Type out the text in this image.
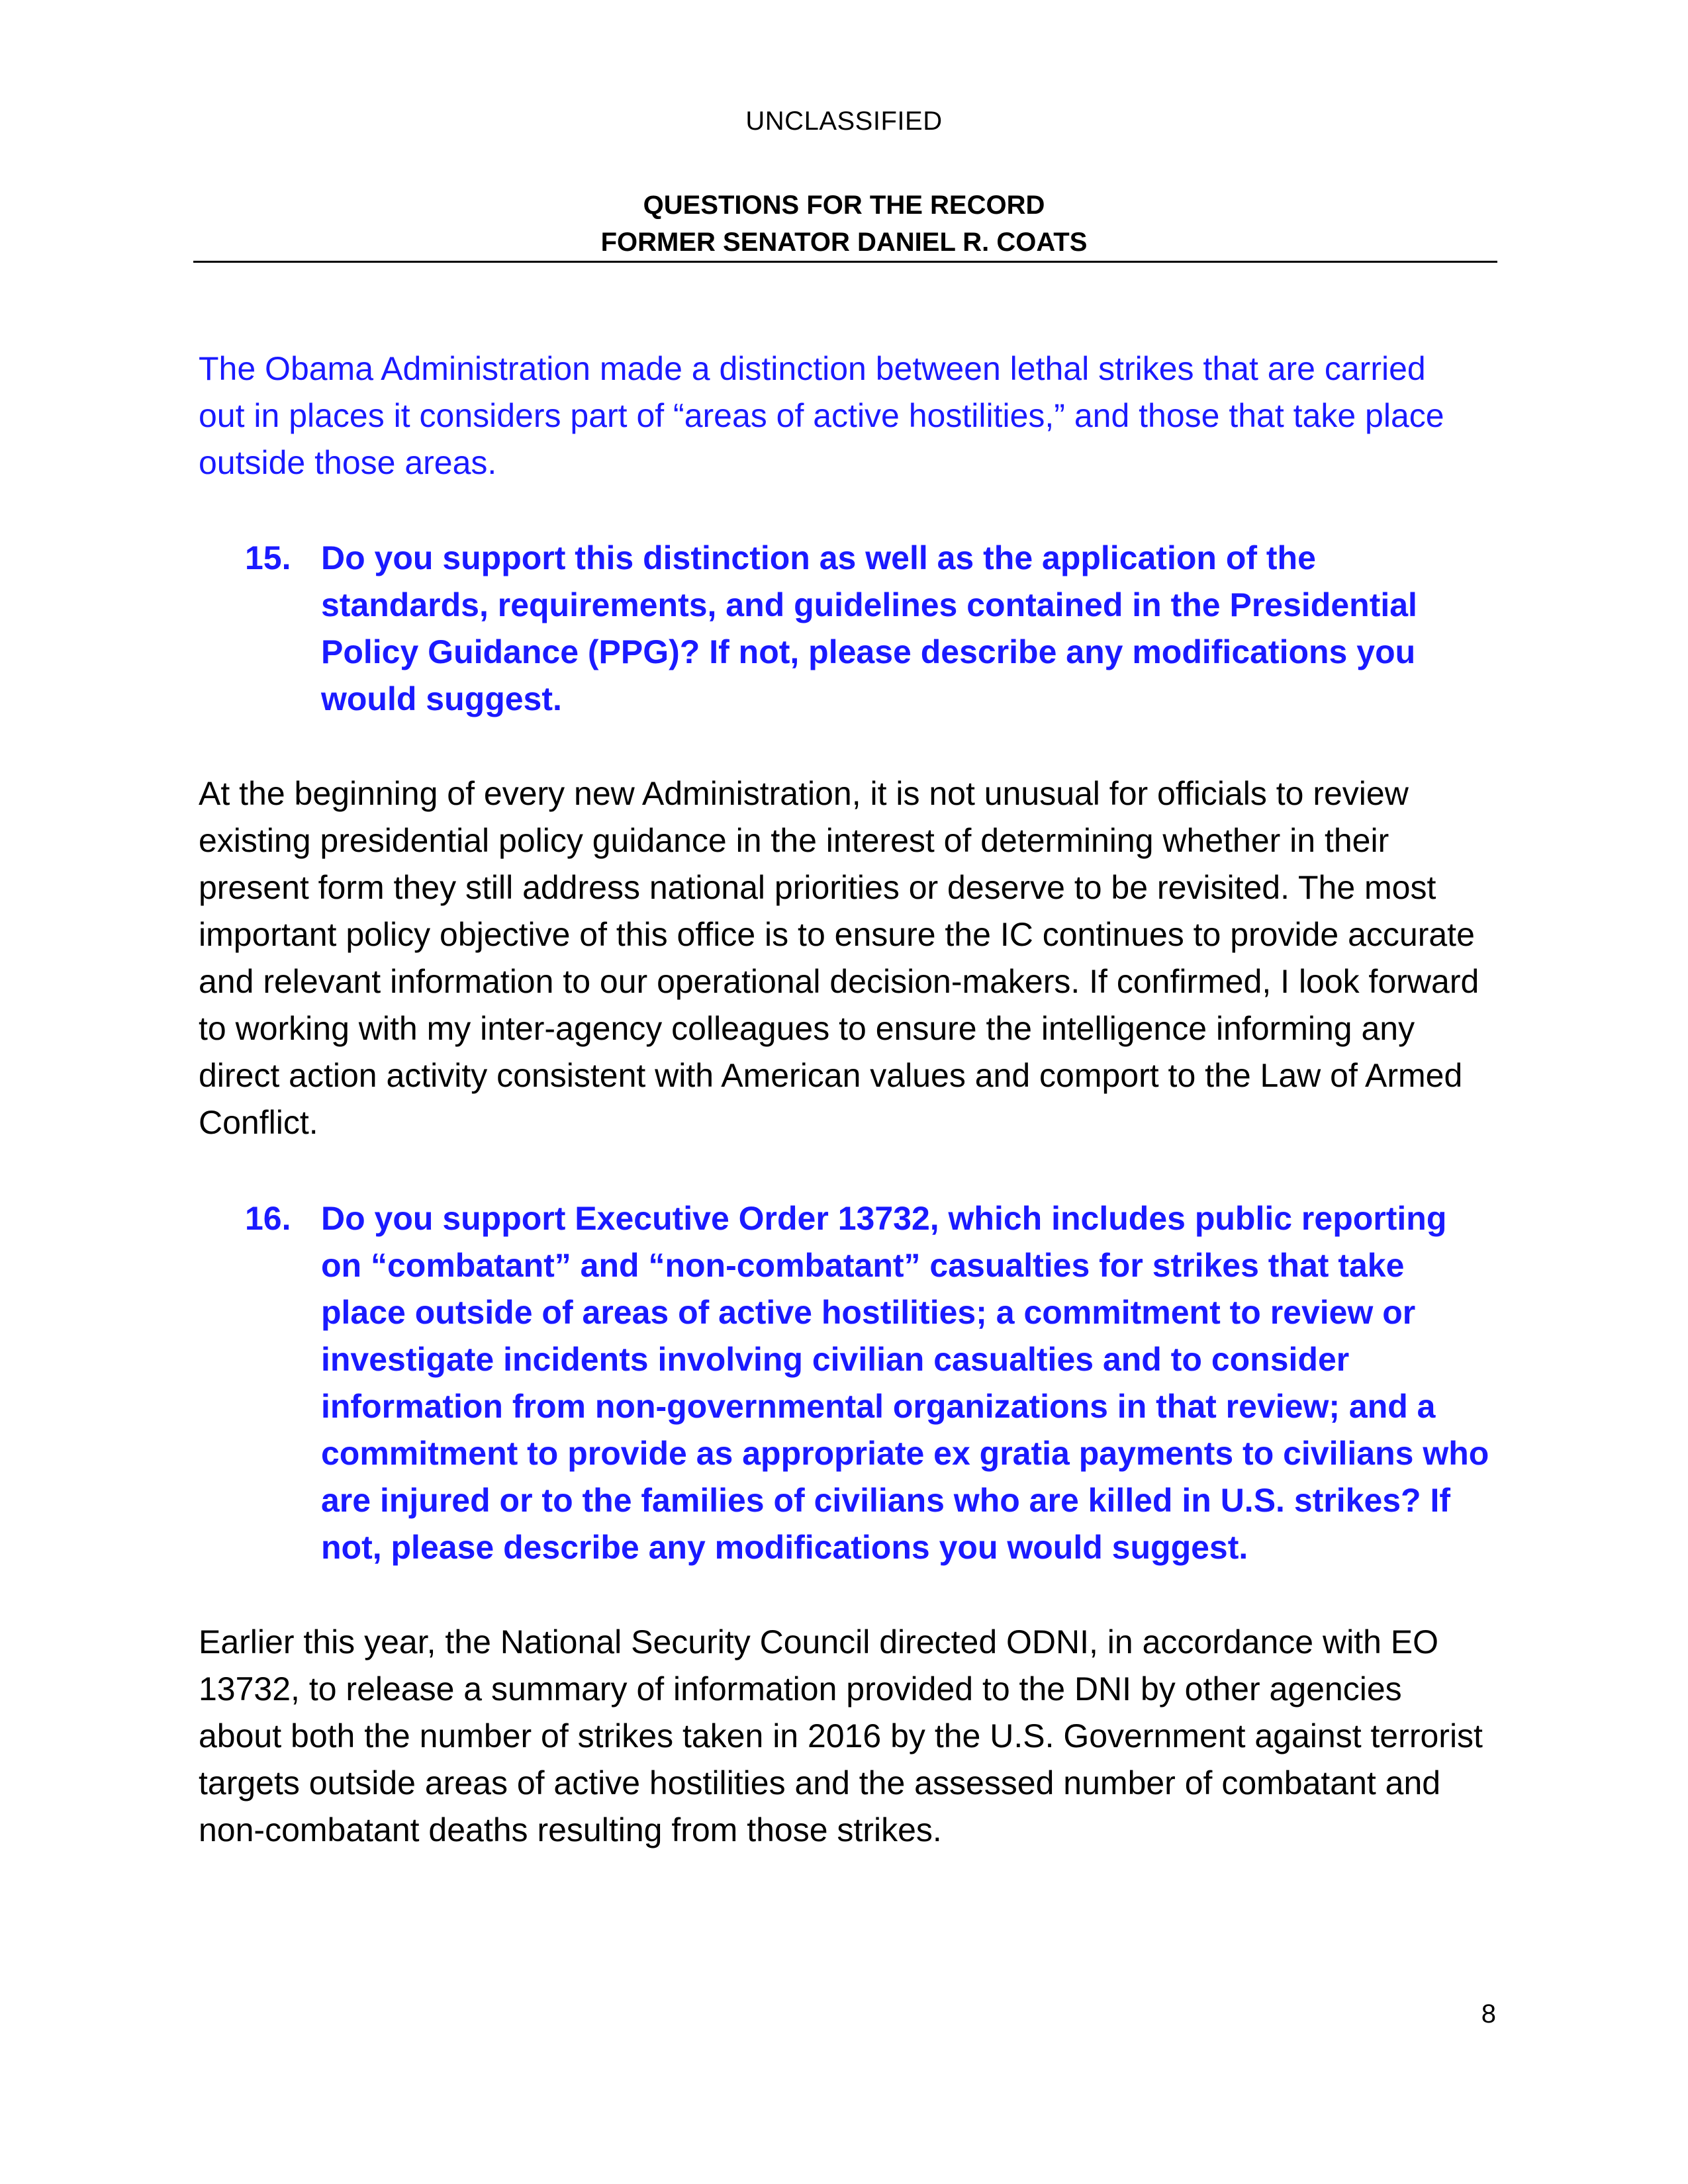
UNCLASSIFIED
QUESTIONS FOR THE RECORD
FORMER SENATOR DANIEL R. COATS
The Obama Administration made a distinction between lethal strikes that are carried out in places it considers part of “areas of active hostilities,” and those that take place outside those areas.
15. Do you support this distinction as well as the application of the standards, requirements, and guidelines contained in the Presidential Policy Guidance (PPG)? If not, please describe any modifications you would suggest.
At the beginning of every new Administration, it is not unusual for officials to review existing presidential policy guidance in the interest of determining whether in their present form they still address national priorities or deserve to be revisited. The most important policy objective of this office is to ensure the IC continues to provide accurate and relevant information to our operational decision-makers. If confirmed, I look forward to working with my inter-agency colleagues to ensure the intelligence informing any direct action activity consistent with American values and comport to the Law of Armed Conflict.
16. Do you support Executive Order 13732, which includes public reporting on “combatant” and “non-combatant” casualties for strikes that take place outside of areas of active hostilities; a commitment to review or investigate incidents involving civilian casualties and to consider information from non-governmental organizations in that review; and a commitment to provide as appropriate ex gratia payments to civilians who are injured or to the families of civilians who are killed in U.S. strikes? If not, please describe any modifications you would suggest.
Earlier this year, the National Security Council directed ODNI, in accordance with EO 13732, to release a summary of information provided to the DNI by other agencies about both the number of strikes taken in 2016 by the U.S. Government against terrorist targets outside areas of active hostilities and the assessed number of combatant and non-combatant deaths resulting from those strikes.
8
